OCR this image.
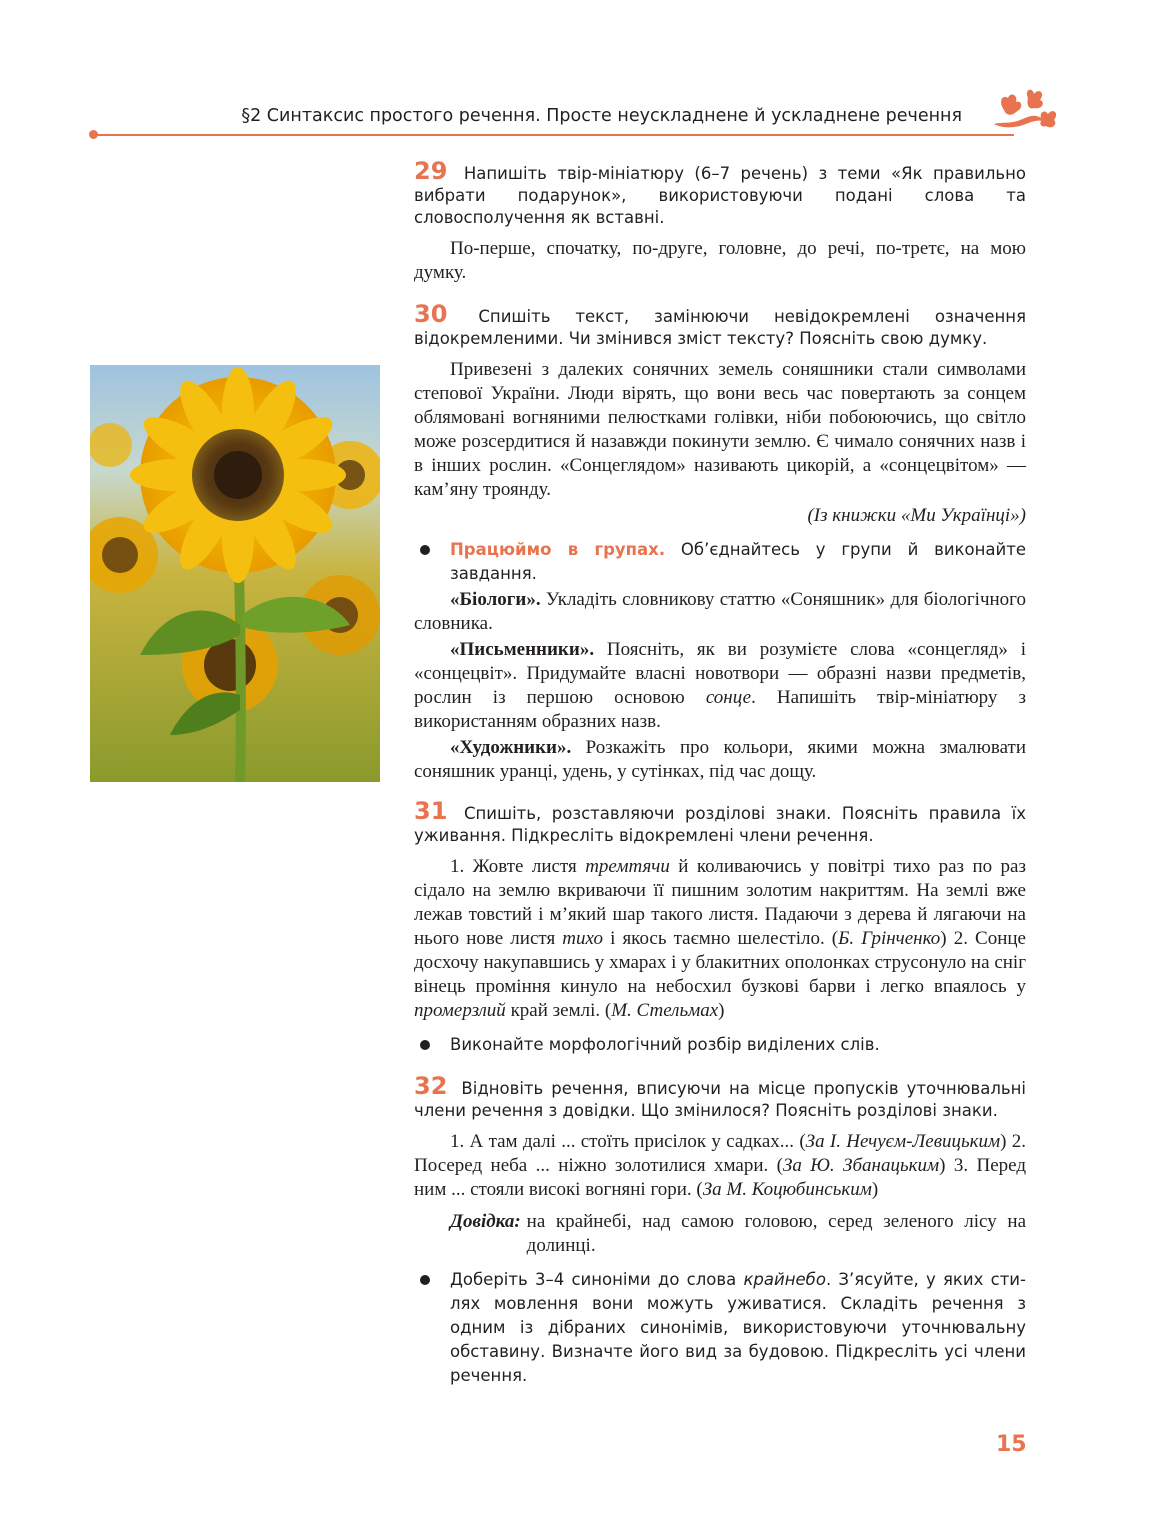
§2 Синтаксис простого речення. Просте неускладнене й ускладнене речення
29 Напишіть твір-мініатюру (6–7 речень) з теми «Як правильно вибрати подарунок», використовуючи подані слова та словосполучення як вставні.

По-перше, спочатку, по-друге, головне, до речі, по-третє, на мою думку.

30 Спишіть текст, замінюючи невідокремлені означення відокремленими. Чи змінився зміст тексту? Поясніть свою думку.

Привезені з далеких сонячних земель соняшники стали символами степової України. Люди вірять, що вони весь час повертають за сонцем облямовані вогняними пелюстками голівки, ніби побоюючись, що світло може розсердитися й назавжди покинути землю. Є чимало сонячних назв і в інших рослин. «Сонцеглядом» називають цикорій, а «сонцецвітом» — кам’яну троянду.

(Із книжки «Ми Українці»)
Працюймо в групах. Об’єднайтесь у групи й виконайте завдання.

«Біологи». Укладіть словникову статтю «Соняшник» для біологічного словника.

«Письменники». Поясніть, як ви розумієте слова «сонцегляд» і «сонцецвіт». Придумайте власні новотвори — образні назви предметів, рослин із першою основою сонце. Напишіть твір-мініатюру з використанням образних назв.

«Художники». Розкажіть про кольори, якими можна змалювати соняшник уранці, удень, у сутінках, під час дощу.

31 Спишіть, розставляючи розділові знаки. Поясніть правила їх уживання. Підкресліть відокремлені члени речення.

1. Жовте листя тремтячи й коливаючись у повітрі тихо раз по раз сідало на землю вкриваючи її пишним золотим накриттям. На землі вже лежав товстий і м’який шар такого листя. Падаючи з дерева й лягаючи на нього нове листя тихо і якось таємно шелестіло. (Б. Грінченко) 2. Сонце досхочу накупавшись у хмарах і у блакитних ополонках струсонуло на сніг вінець проміння кинуло на небосхил бузкові барви і легко впаялось у промерзлий край землі. (М. Стельмах)

Виконайте морфологічний розбір виділених слів.
32 Відновіть речення, вписуючи на місце пропусків уточнювальні члени речення з довідки. Що змінилося? Поясніть розділові знаки.

1. А там далі ... стоїть присілок у садках... (За І. Нечуєм-Левицьким) 2. Посеред неба ... ніжно золотилися хмари. (За Ю. Збанацьким) 3. Перед ним ... стояли високі вогняні гори. (За М. Коцюбинським)

Довідка: на крайнебі, над самою головою, серед зеленого лісу на долинці.
Доберіть 3–4 синоніми до слова крайнебо. З’ясуйте, у яких стилях мовлення вони можуть уживатися. Складіть речення з одним із дібраних синонімів, використовуючи уточнювальну обставину. Визначте його вид за будовою. Підкресліть усі члени речення.
15
